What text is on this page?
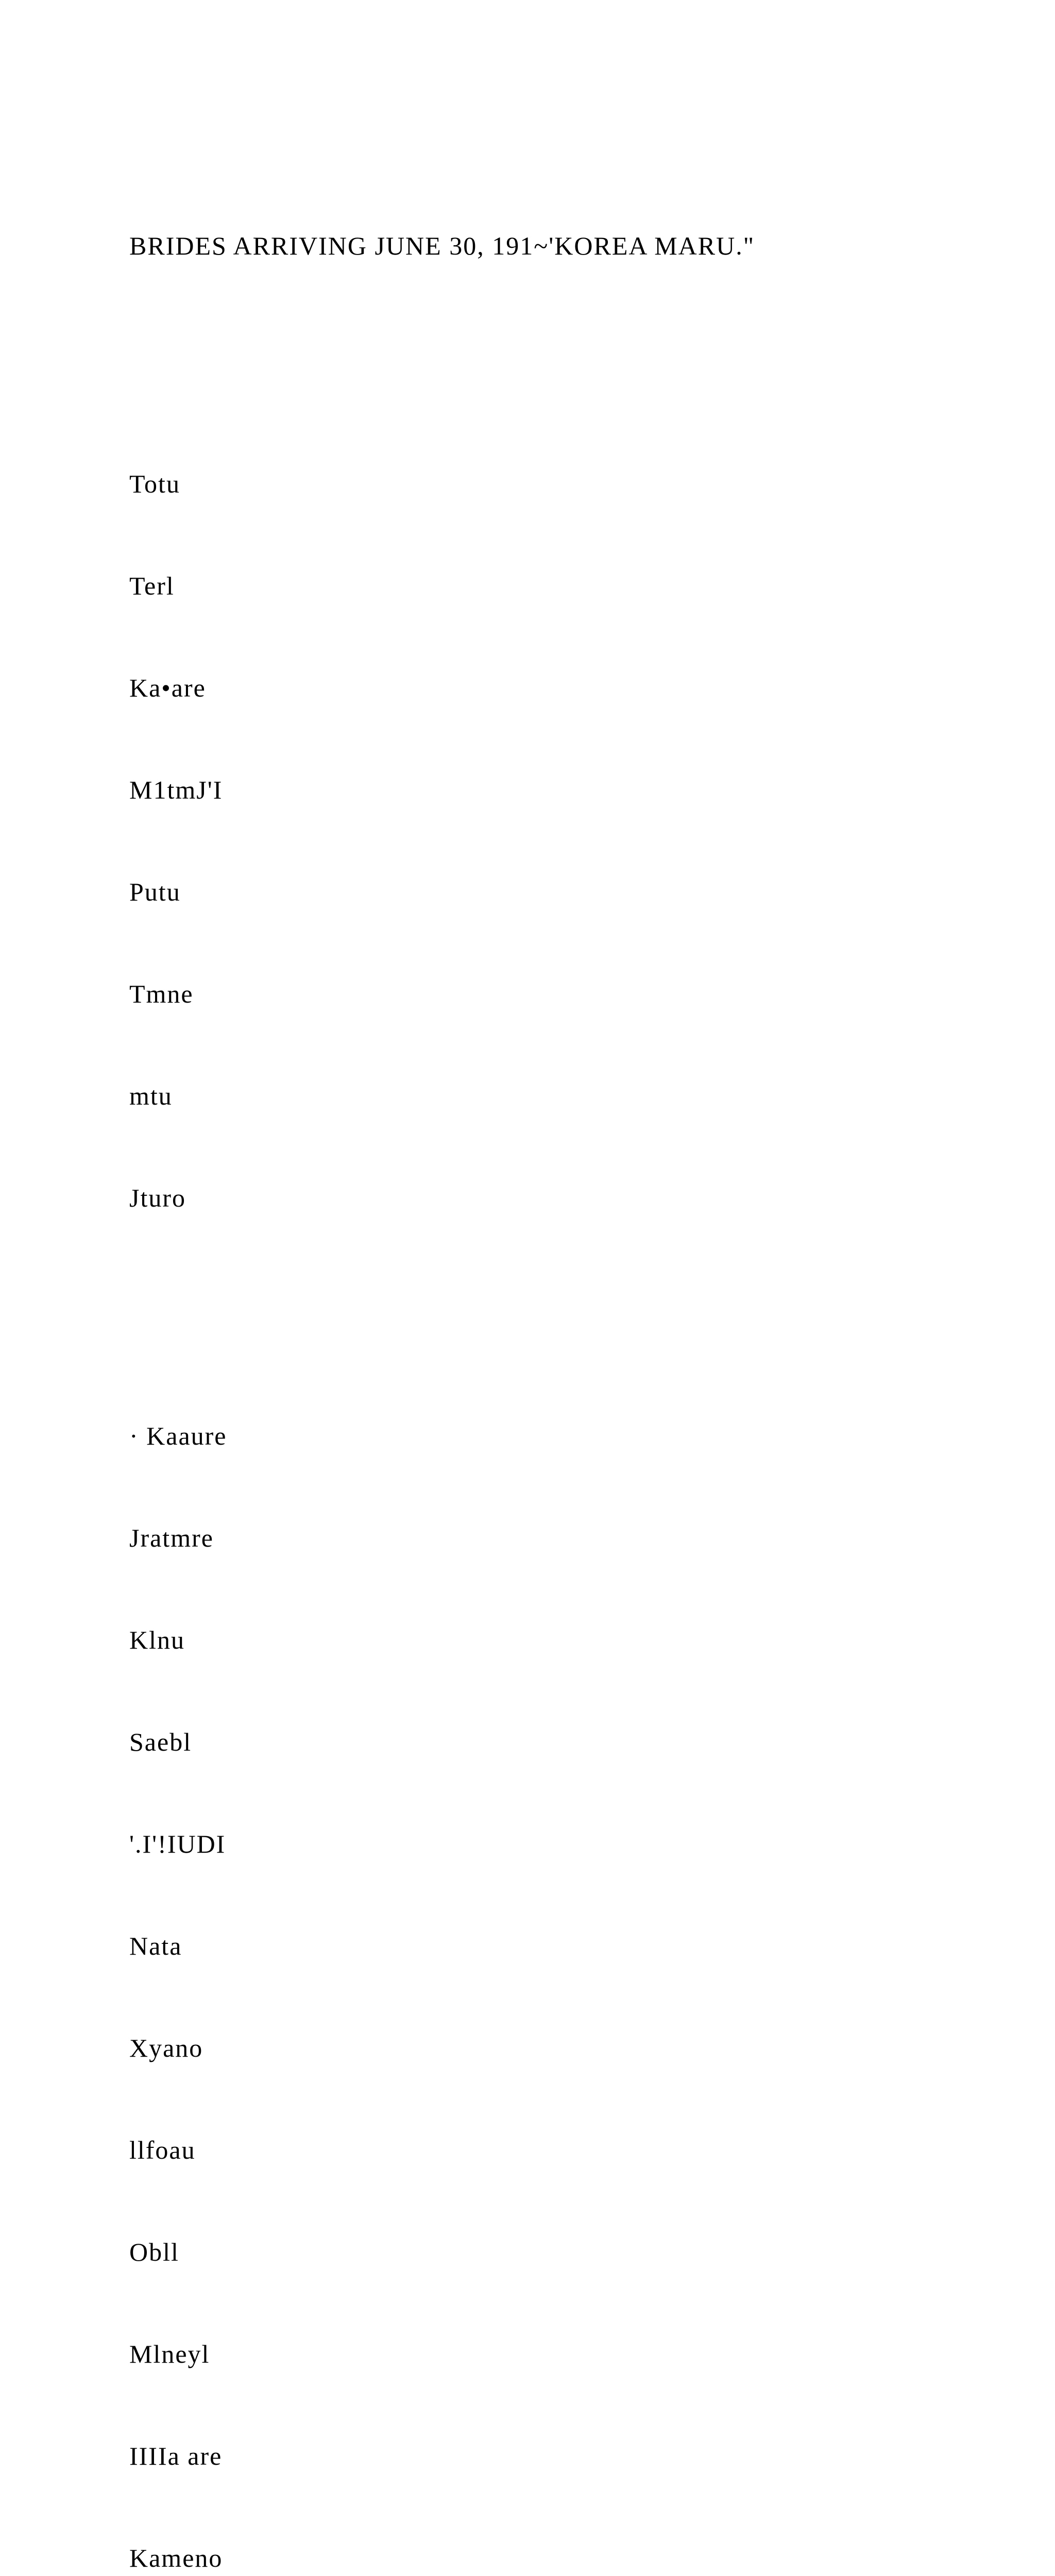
BRIDES ARRIVING JUNE 30, 191~'KOREA MARU."

Totu

Terl

Ka•are

M1tmJ'I

Putu

Tmne

mtu

Jturo

· Kaaure

Jratmre

Klnu

Saebl

'.I'!IUDI

Nata

Xyano

llfoau

Obll

Mlneyl

IIIIa are

Kameno
